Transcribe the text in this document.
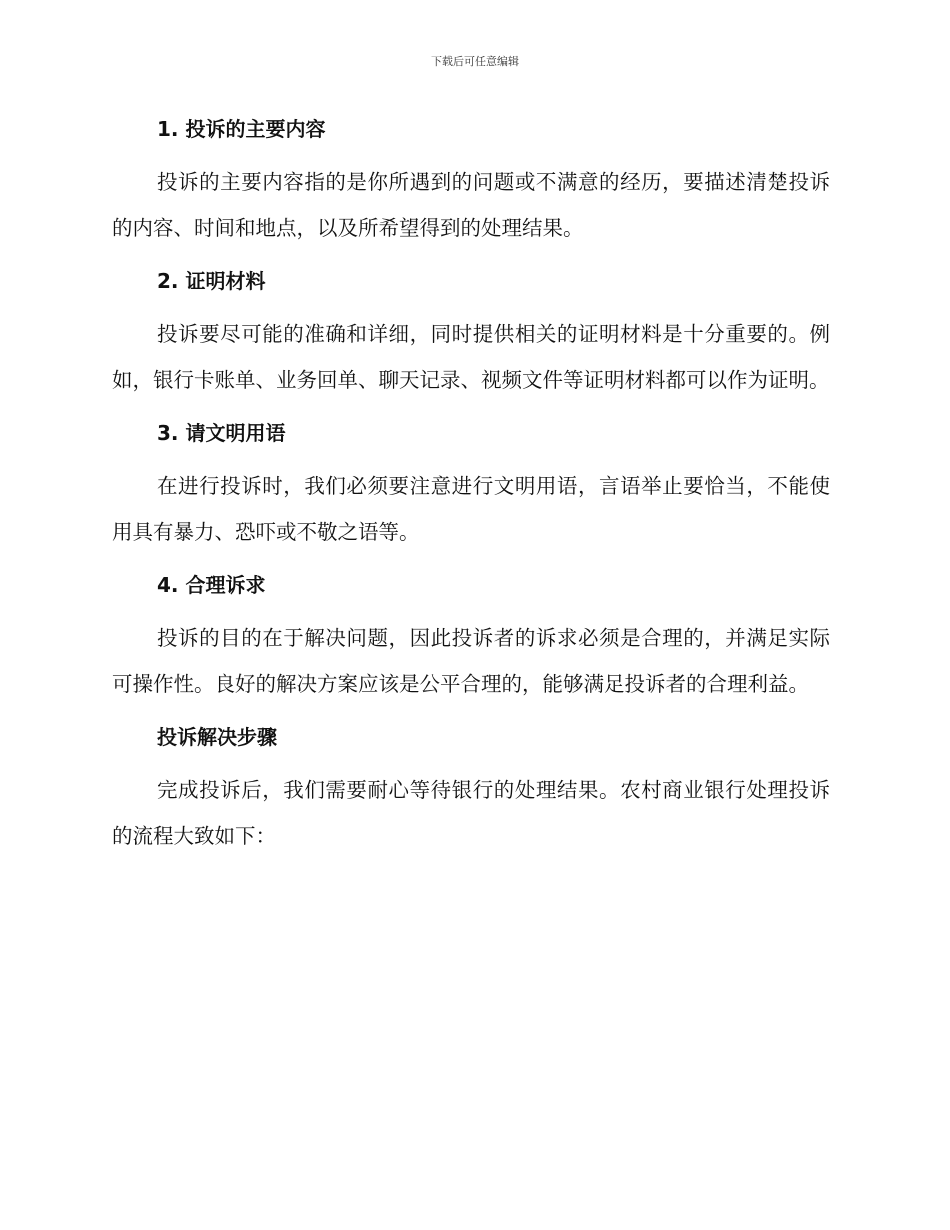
下载后可任意编辑
1. 投诉的主要内容

投诉的主要内容指的是你所遇到的问题或不满意的经历，要描述清楚投诉的内容、时间和地点，以及所希望得到的处理结果。

2. 证明材料

投诉要尽可能的准确和详细，同时提供相关的证明材料是十分重要的。例如，银行卡账单、业务回单、聊天记录、视频文件等证明材料都可以作为证明。

3. 请文明用语

在进行投诉时，我们必须要注意进行文明用语，言语举止要恰当，不能使用具有暴力、恐吓或不敬之语等。

4. 合理诉求

投诉的目的在于解决问题，因此投诉者的诉求必须是合理的，并满足实际可操作性。良好的解决方案应该是公平合理的，能够满足投诉者的合理利益。

投诉解决步骤

完成投诉后，我们需要耐心等待银行的处理结果。农村商业银行处理投诉的流程大致如下：
